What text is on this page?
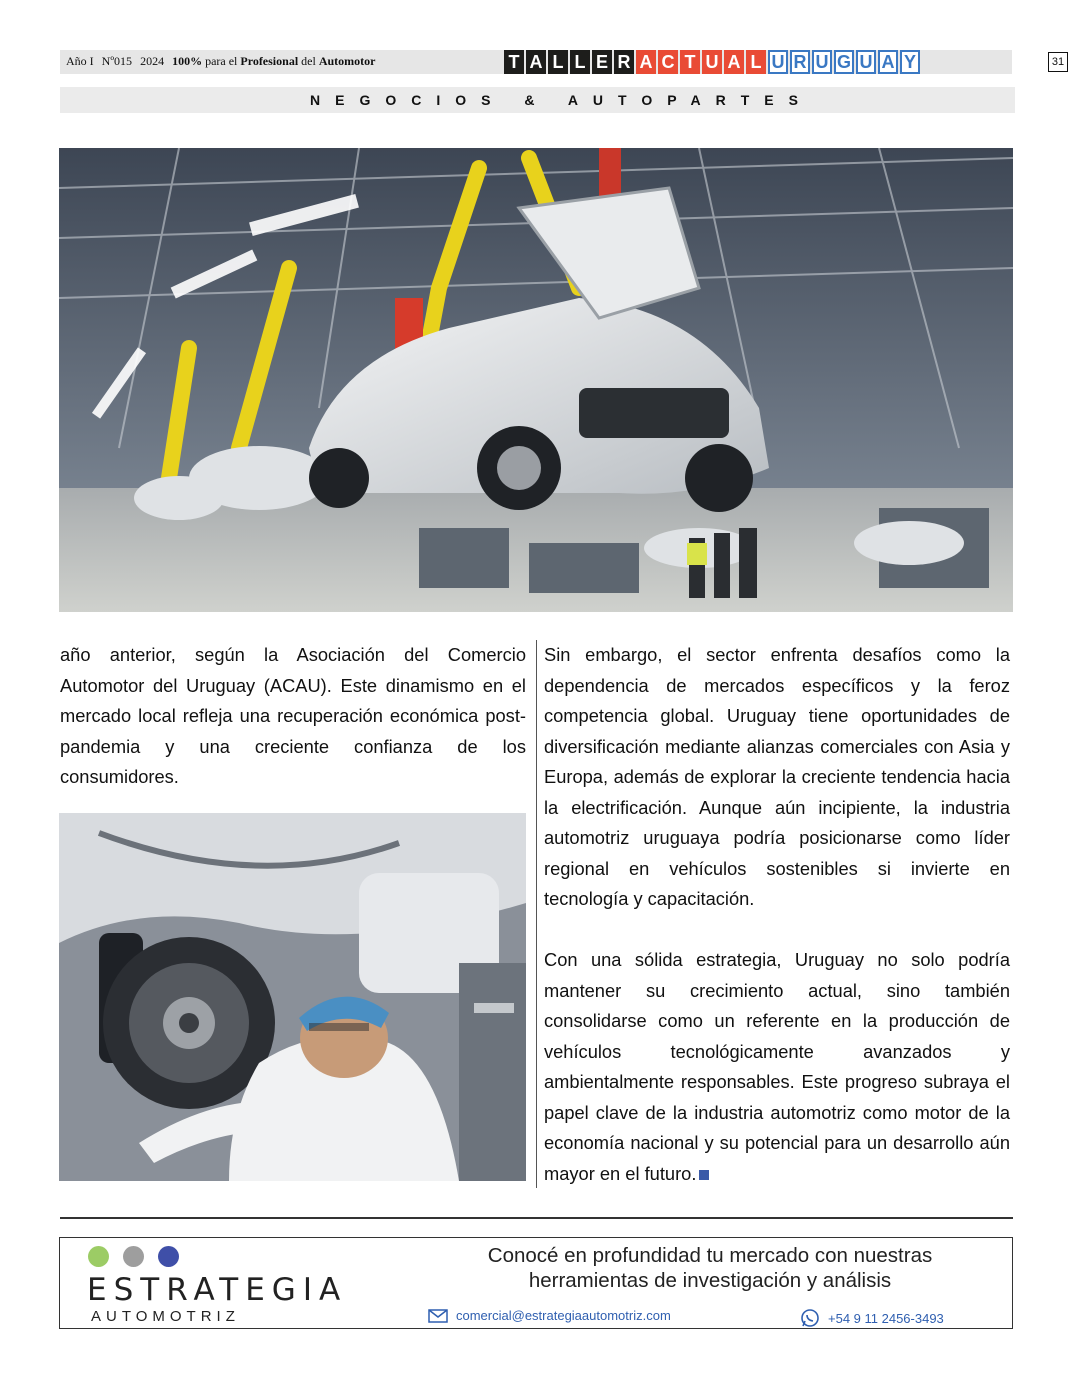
Año I Nº015 2024 100% para el Profesional del Automotor	T A L L E R A C T U A L U R U G U A Y	31
NEGOCIOS & AUTOPARTES

año anterior, según la Asociación del Comercio Automotor del Uruguay (ACAU). Este dinamismo en el mercado local refleja una recuperación económica post-pandemia y una creciente confianza de los consumidores.

Sin embargo, el sector enfrenta desafíos como la dependencia de mercados específicos y la feroz competencia global. Uruguay tiene oportunidades de diversificación mediante alianzas comerciales con Asia y Europa, además de explorar la creciente tendencia hacia la electrificación. Aunque aún incipiente, la industria automotriz uruguaya podría posicionarse como líder regional en vehículos sostenibles si invierte en tecnología y capacitación.

Con una sólida estrategia, Uruguay no solo podría mantener su crecimiento actual, sino también consolidarse como un referente en la producción de vehículos tecnológicamente avanzados y ambientalmente responsables. Este progreso subraya el papel clave de la industria automotriz como motor de la economía nacional y su potencial para un desarrollo aún mayor en el futuro.

ESTRATEGIA
AUTOMOTRIZ
Conocé en profundidad tu mercado con nuestras
herramientas de investigación y análisis
comercial@estrategiaautomotriz.com	+54 9 11 2456-3493
